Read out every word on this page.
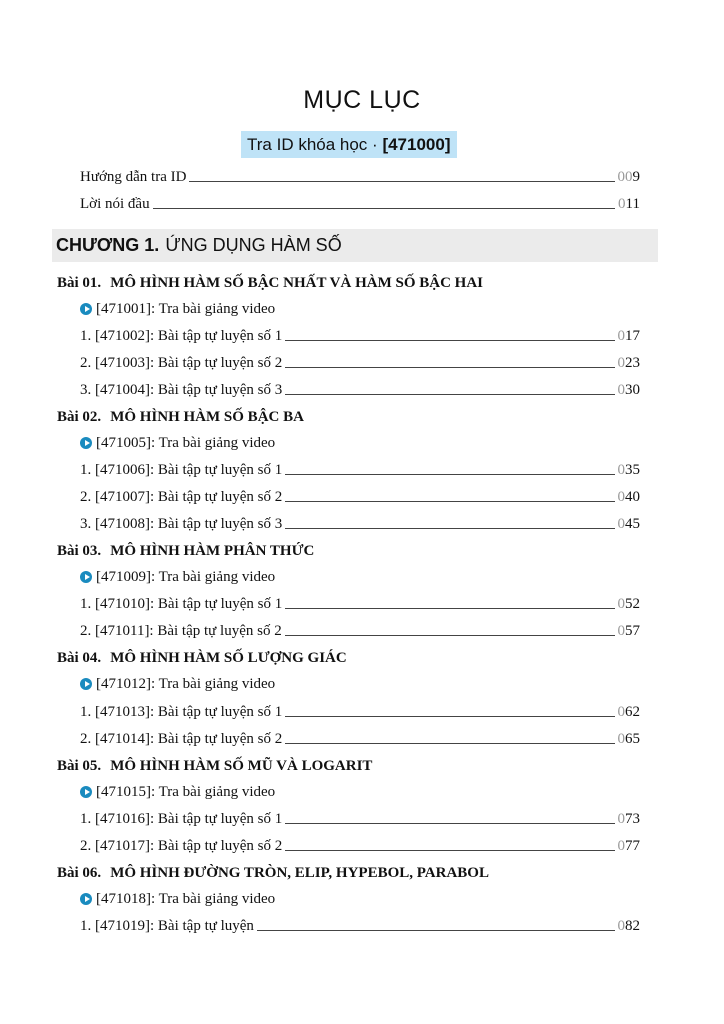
MỤC LỤC
Tra ID khóa học · [471000]
Hướng dẫn tra ID	009
Lời nói đầu	011
CHƯƠNG 1. ỨNG DỤNG HÀM SỐ
Bài 01. MÔ HÌNH HÀM SỐ BẬC NHẤT VÀ HÀM SỐ BẬC HAI
[471001]: Tra bài giảng video
1. [471002]: Bài tập tự luyện số 1	017
2. [471003]: Bài tập tự luyện số 2	023
3. [471004]: Bài tập tự luyện số 3	030
Bài 02. MÔ HÌNH HÀM SỐ BẬC BA
[471005]: Tra bài giảng video
1. [471006]: Bài tập tự luyện số 1	035
2. [471007]: Bài tập tự luyện số 2	040
3. [471008]: Bài tập tự luyện số 3	045
Bài 03. MÔ HÌNH HÀM PHÂN THỨC
[471009]: Tra bài giảng video
1. [471010]: Bài tập tự luyện số 1	052
2. [471011]: Bài tập tự luyện số 2	057
Bài 04. MÔ HÌNH HÀM SỐ LƯỢNG GIÁC
[471012]: Tra bài giảng video
1. [471013]: Bài tập tự luyện số 1	062
2. [471014]: Bài tập tự luyện số 2	065
Bài 05. MÔ HÌNH HÀM SỐ MŨ VÀ LOGARIT
[471015]: Tra bài giảng video
1. [471016]: Bài tập tự luyện số 1	073
2. [471017]: Bài tập tự luyện số 2	077
Bài 06. MÔ HÌNH ĐƯỜNG TRÒN, ELIP, HYPEBOL, PARABOL
[471018]: Tra bài giảng video
1. [471019]: Bài tập tự luyện	082
